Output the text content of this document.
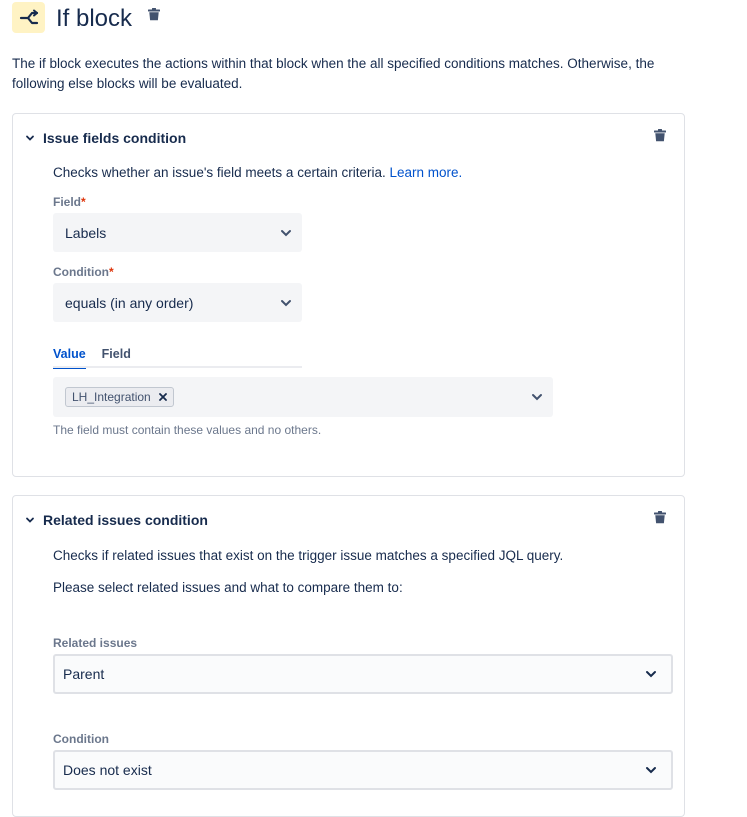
If block
The if block executes the actions within that block when the all specified conditions matches. Otherwise, the following else blocks will be evaluated.
Issue fields condition
Checks whether an issue's field meets a certain criteria. Learn more.
Field*
Labels
Condition*
equals (in any order)
Value Field
LH_Integration
The field must contain these values and no others.
Related issues condition
Checks if related issues that exist on the trigger issue matches a specified JQL query.
Please select related issues and what to compare them to:
Related issues
Parent
Condition
Does not exist
